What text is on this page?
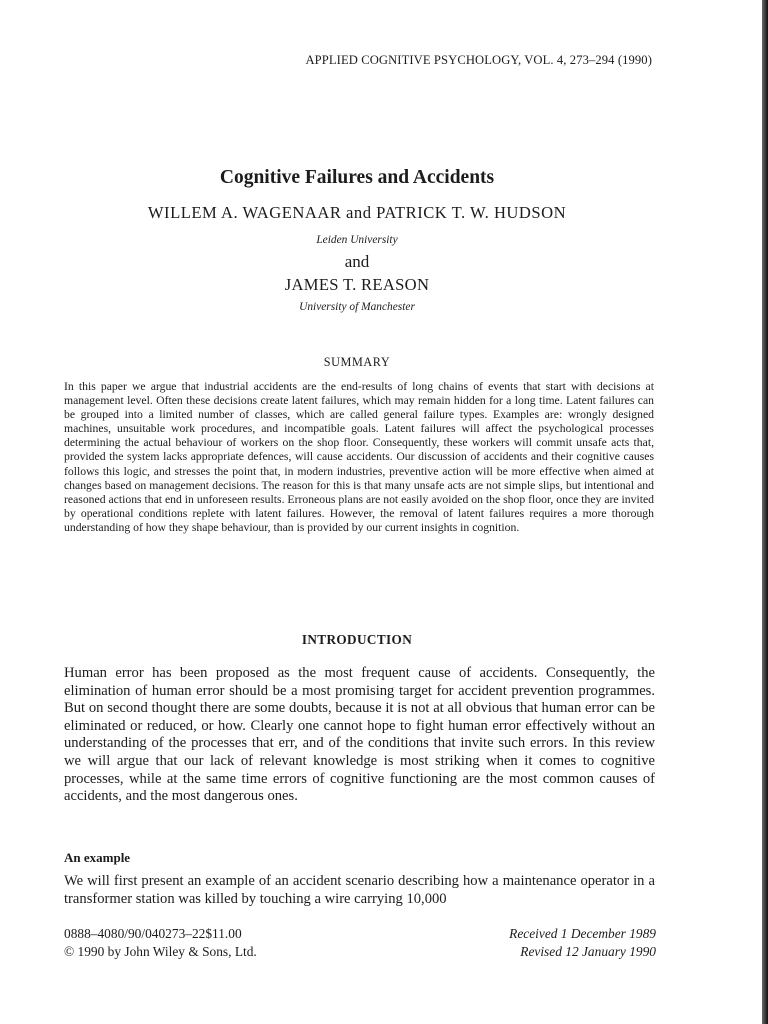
APPLIED COGNITIVE PSYCHOLOGY, VOL. 4, 273–294 (1990)
Cognitive Failures and Accidents
WILLEM A. WAGENAAR and PATRICK T. W. HUDSON
Leiden University
and
JAMES T. REASON
University of Manchester
SUMMARY

In this paper we argue that industrial accidents are the end-results of long chains of events that start with decisions at management level. Often these decisions create latent failures, which may remain hidden for a long time. Latent failures can be grouped into a limited number of classes, which are called general failure types. Examples are: wrongly designed machines, unsuitable work procedures, and incompatible goals. Latent failures will affect the psychological processes determining the actual behaviour of workers on the shop floor. Consequently, these workers will commit unsafe acts that, provided the system lacks appropriate defences, will cause accidents. Our discussion of accidents and their cognitive causes follows this logic, and stresses the point that, in modern industries, preventive action will be more effective when aimed at changes based on management decisions. The reason for this is that many unsafe acts are not simple slips, but intentional and reasoned actions that end in unforeseen results. Erroneous plans are not easily avoided on the shop floor, once they are invited by operational conditions replete with latent failures. However, the removal of latent failures requires a more thorough understanding of how they shape behaviour, than is provided by our current insights in cognition.

INTRODUCTION

Human error has been proposed as the most frequent cause of accidents. Consequently, the elimination of human error should be a most promising target for accident prevention programmes. But on second thought there are some doubts, because it is not at all obvious that human error can be eliminated or reduced, or how. Clearly one cannot hope to fight human error effectively without an understanding of the processes that err, and of the conditions that invite such errors. In this review we will argue that our lack of relevant knowledge is most striking when it comes to cognitive processes, while at the same time errors of cognitive functioning are the most common causes of accidents, and the most dangerous ones.

An example

We will first present an example of an accident scenario describing how a maintenance operator in a transformer station was killed by touching a wire carrying 10,000

0888–4080/90/040273–22$11.00
© 1990 by John Wiley & Sons, Ltd.
Received 1 December 1989
Revised 12 January 1990
